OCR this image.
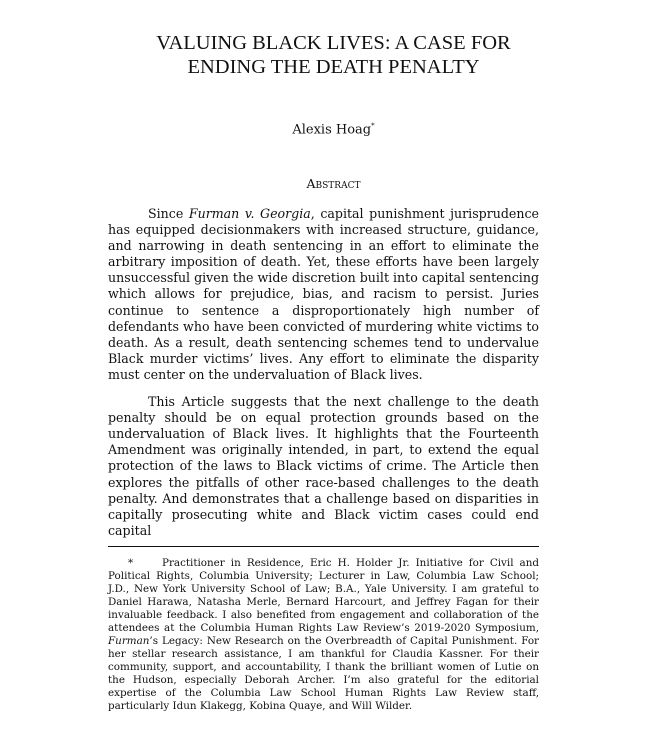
VALUING BLACK LIVES: A CASE FOR
ENDING THE DEATH PENALTY
Alexis Hoag*
Abstract

Since Furman v. Georgia, capital punishment jurisprudence has equipped decisionmakers with increased structure, guidance, and narrowing in death sentencing in an effort to eliminate the arbitrary imposition of death. Yet, these efforts have been largely unsuccessful given the wide discretion built into capital sentencing which allows for prejudice, bias, and racism to persist. Juries continue to sentence a disproportionately high number of defendants who have been convicted of murdering white victims to death. As a result, death sentencing schemes tend to undervalue Black murder victims’ lives. Any effort to eliminate the disparity must center on the undervaluation of Black lives.

This Article suggests that the next challenge to the death penalty should be on equal protection grounds based on the undervaluation of Black lives. It highlights that the Fourteenth Amendment was originally intended, in part, to extend the equal protection of the laws to Black victims of crime. The Article then explores the pitfalls of other race-based challenges to the death penalty. And demonstrates that a challenge based on disparities in capitally prosecuting white and Black victim cases could end capital

*	Practitioner in Residence, Eric H. Holder Jr. Initiative for Civil and Political Rights, Columbia University; Lecturer in Law, Columbia Law School; J.D., New York University School of Law; B.A., Yale University. I am grateful to Daniel Harawa, Natasha Merle, Bernard Harcourt, and Jeffrey Fagan for their invaluable feedback. I also benefited from engagement and collaboration of the attendees at the Columbia Human Rights Law Review’s 2019-2020 Symposium, Furman’s Legacy: New Research on the Overbreadth of Capital Punishment. For her stellar research assistance, I am thankful for Claudia Kassner. For their community, support, and accountability, I thank the brilliant women of Lutie on the Hudson, especially Deborah Archer. I’m also grateful for the editorial expertise of the Columbia Law School Human Rights Law Review staff, particularly Idun Klakegg, Kobina Quaye, and Will Wilder.
